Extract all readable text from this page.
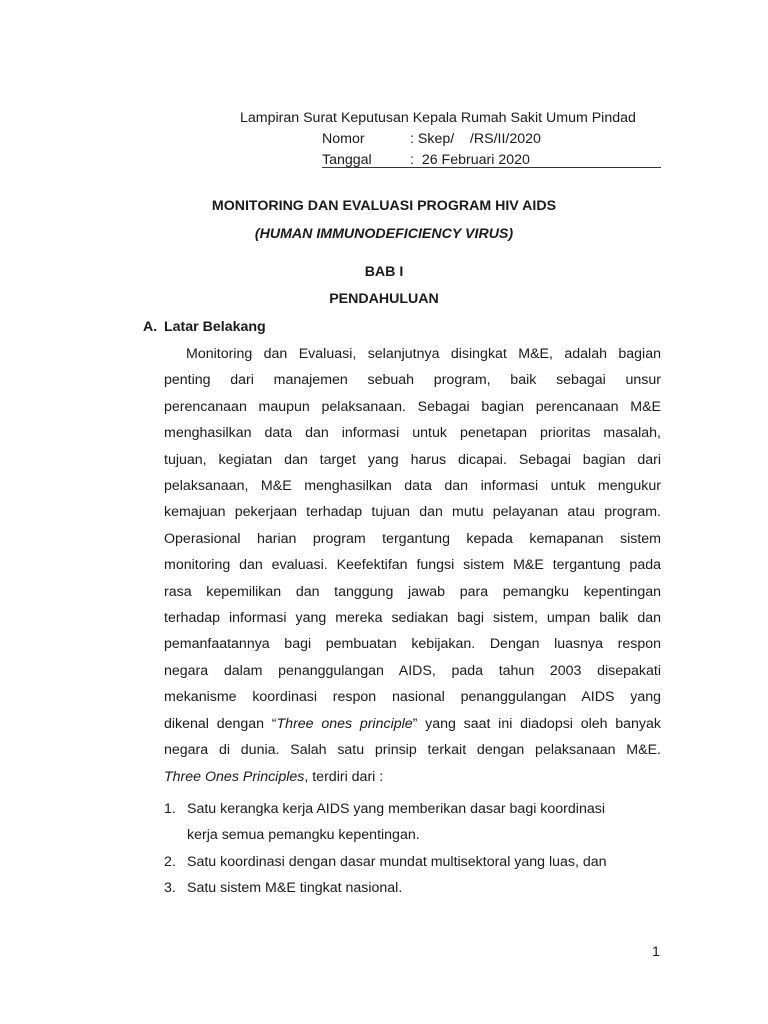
Lampiran Surat Keputusan Kepala Rumah Sakit Umum Pindad
Nomor	: Skep/    /RS/II/2020
Tanggal	:  26 Februari 2020
MONITORING DAN EVALUASI PROGRAM HIV AIDS
(HUMAN IMMUNODEFICIENCY VIRUS)
BAB I
PENDAHULUAN
A. Latar Belakang
Monitoring dan Evaluasi, selanjutnya disingkat M&E, adalah bagian
penting dari manajemen sebuah program, baik sebagai unsur
perencanaan maupun pelaksanaan. Sebagai bagian perencanaan M&E
menghasilkan data dan informasi untuk penetapan prioritas masalah,
tujuan, kegiatan dan target yang harus dicapai. Sebagai bagian dari
pelaksanaan, M&E menghasilkan data dan informasi untuk mengukur
kemajuan pekerjaan terhadap tujuan dan mutu pelayanan atau program.
Operasional harian program tergantung kepada kemapanan sistem
monitoring dan evaluasi. Keefektifan fungsi sistem M&E tergantung pada
rasa kepemilikan dan tanggung jawab para pemangku kepentingan
terhadap informasi yang mereka sediakan bagi sistem, umpan balik dan
pemanfaatannya bagi pembuatan kebijakan. Dengan luasnya respon
negara dalam penanggulangan AIDS, pada tahun 2003 disepakati
mekanisme koordinasi respon nasional penanggulangan AIDS yang
dikenal dengan “Three ones principle” yang saat ini diadopsi oleh banyak
negara di dunia. Salah satu prinsip terkait dengan pelaksanaan M&E.
Three Ones Principles, terdiri dari :
1. Satu kerangka kerja AIDS yang memberikan dasar bagi koordinasi
kerja semua pemangku kepentingan.
2. Satu koordinasi dengan dasar mundat multisektoral yang luas, dan
3. Satu sistem M&E tingkat nasional.
1
